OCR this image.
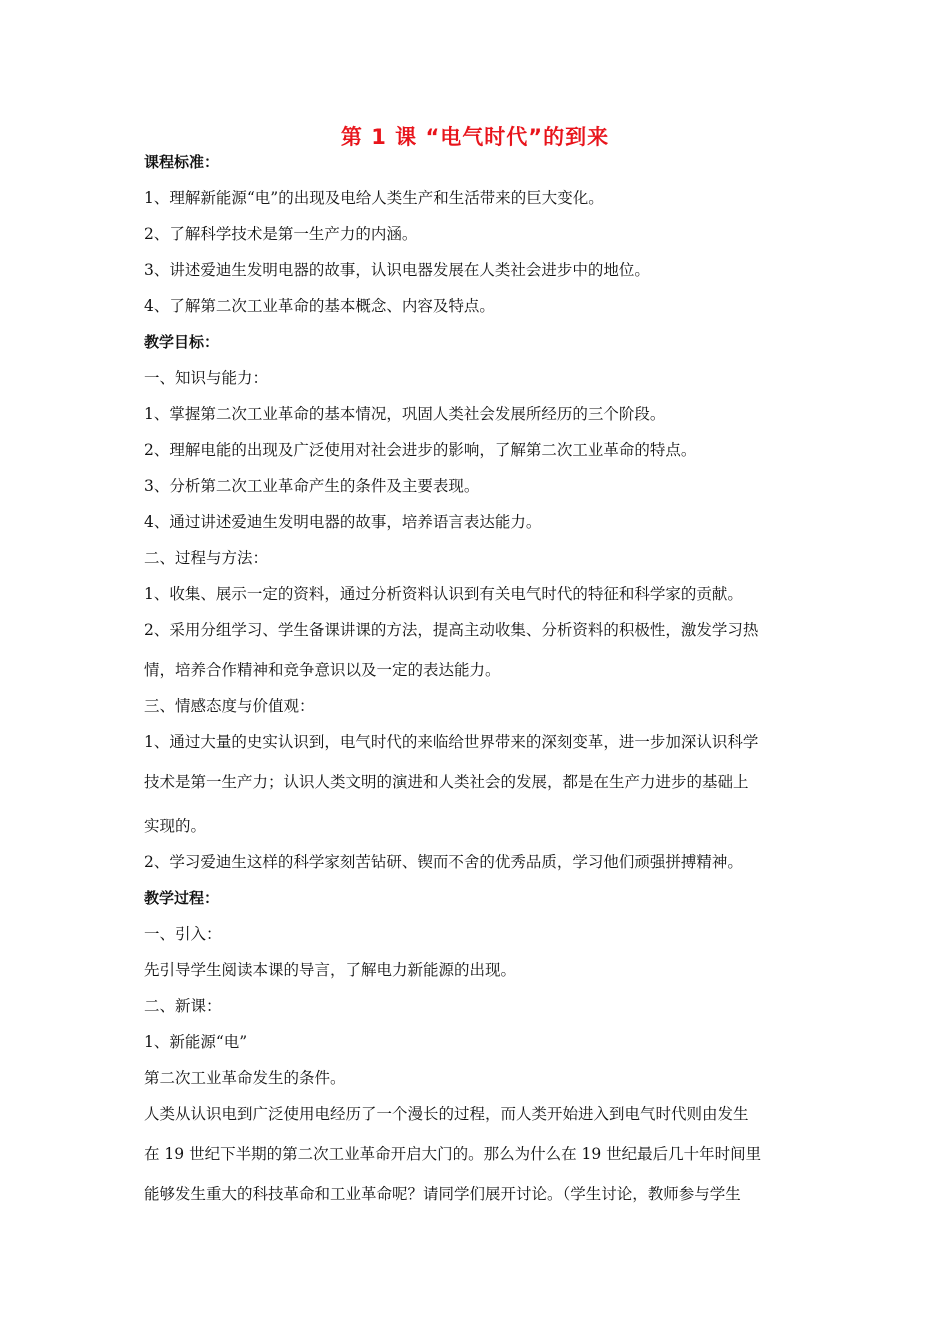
第 1 课 “电气时代”的到来
课程标准：
1、理解新能源“电”的出现及电给人类生产和生活带来的巨大变化。
2、了解科学技术是第一生产力的内涵。
3、讲述爱迪生发明电器的故事，认识电器发展在人类社会进步中的地位。
4、了解第二次工业革命的基本概念、内容及特点。
教学目标：
一、知识与能力：
1、掌握第二次工业革命的基本情况，巩固人类社会发展所经历的三个阶段。
2、理解电能的出现及广泛使用对社会进步的影响，了解第二次工业革命的特点。
3、分析第二次工业革命产生的条件及主要表现。
4、通过讲述爱迪生发明电器的故事，培养语言表达能力。
二、过程与方法：
1、收集、展示一定的资料，通过分析资料认识到有关电气时代的特征和科学家的贡献。
2、采用分组学习、学生备课讲课的方法，提高主动收集、分析资料的积极性，激发学习热
情，培养合作精神和竞争意识以及一定的表达能力。
三、情感态度与价值观：
1、通过大量的史实认识到，电气时代的来临给世界带来的深刻变革，进一步加深认识科学
技术是第一生产力；认识人类文明的演进和人类社会的发展，都是在生产力进步的基础上
实现的。
2、学习爱迪生这样的科学家刻苦钻研、锲而不舍的优秀品质，学习他们顽强拼搏精神。
教学过程：
一、引入：
先引导学生阅读本课的导言，了解电力新能源的出现。
二、新课：
1、新能源“电”
第二次工业革命发生的条件。
人类从认识电到广泛使用电经历了一个漫长的过程，而人类开始进入到电气时代则由发生
在 19 世纪下半期的第二次工业革命开启大门的。那么为什么在 19 世纪最后几十年时间里
能够发生重大的科技革命和工业革命呢？请同学们展开讨论。（学生讨论，教师参与学生
